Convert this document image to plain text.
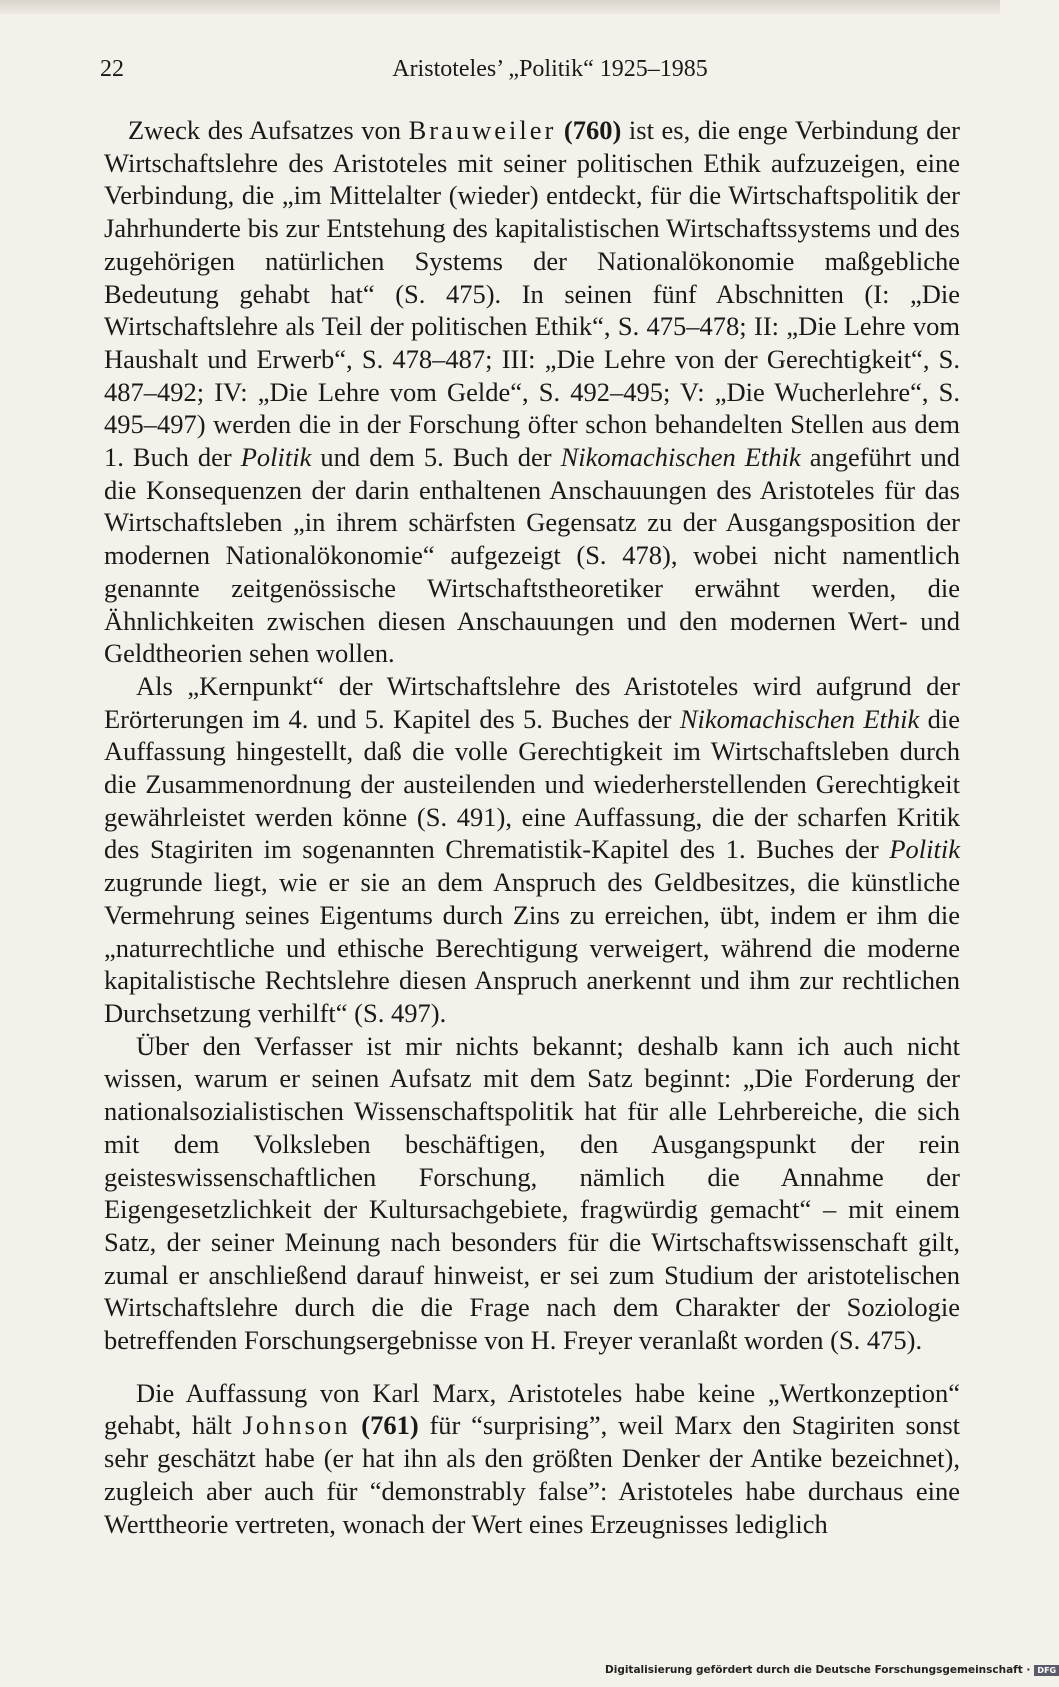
22	Aristoteles’ „Politik“ 1925–1985

Zweck des Aufsatzes von Brauweiler (760) ist es, die enge Verbindung der Wirtschaftslehre des Aristoteles mit seiner politischen Ethik aufzuzeigen, eine Verbindung, die „im Mittelalter (wieder) entdeckt, für die Wirtschaftspolitik der Jahrhunderte bis zur Entstehung des kapitalistischen Wirtschaftssystems und des zugehörigen natürlichen Systems der Nationalökonomie maßgebliche Bedeutung gehabt hat“ (S. 475). In seinen fünf Abschnitten (I: „Die Wirtschaftslehre als Teil der politischen Ethik“, S. 475–478; II: „Die Lehre vom Haushalt und Erwerb“, S. 478–487; III: „Die Lehre von der Gerechtigkeit“, S. 487–492; IV: „Die Lehre vom Gelde“, S. 492–495; V: „Die Wucherlehre“, S. 495–497) werden die in der Forschung öfter schon behandelten Stellen aus dem 1. Buch der Politik und dem 5. Buch der Nikomachischen Ethik angeführt und die Konsequenzen der darin enthaltenen Anschauungen des Aristoteles für das Wirtschaftsleben „in ihrem schärfsten Gegensatz zu der Ausgangsposition der modernen Nationalökonomie“ aufgezeigt (S. 478), wobei nicht namentlich genannte zeitgenössische Wirtschaftstheoretiker erwähnt werden, die Ähnlichkeiten zwischen diesen Anschauungen und den modernen Wert- und Geldtheorien sehen wollen.

Als „Kernpunkt“ der Wirtschaftslehre des Aristoteles wird aufgrund der Erörterungen im 4. und 5. Kapitel des 5. Buches der Nikomachischen Ethik die Auffassung hingestellt, daß die volle Gerechtigkeit im Wirtschaftsleben durch die Zusammenordnung der austeilenden und wiederherstellenden Gerechtigkeit gewährleistet werden könne (S. 491), eine Auffassung, die der scharfen Kritik des Stagiriten im sogenannten Chrematistik-Kapitel des 1. Buches der Politik zugrunde liegt, wie er sie an dem Anspruch des Geldbesitzes, die künstliche Vermehrung seines Eigentums durch Zins zu erreichen, übt, indem er ihm die „naturrechtliche und ethische Berechtigung verweigert, während die moderne kapitalistische Rechtslehre diesen Anspruch anerkennt und ihm zur rechtlichen Durchsetzung verhilft“ (S. 497).

Über den Verfasser ist mir nichts bekannt; deshalb kann ich auch nicht wissen, warum er seinen Aufsatz mit dem Satz beginnt: „Die Forderung der nationalsozialistischen Wissenschaftspolitik hat für alle Lehrbereiche, die sich mit dem Volksleben beschäftigen, den Ausgangspunkt der rein geisteswissenschaftlichen Forschung, nämlich die Annahme der Eigengesetzlichkeit der Kultursachgebiete, fragwürdig gemacht“ – mit einem Satz, der seiner Meinung nach besonders für die Wirtschaftswissenschaft gilt, zumal er anschließend darauf hinweist, er sei zum Studium der aristotelischen Wirtschaftslehre durch die die Frage nach dem Charakter der Soziologie betreffenden Forschungsergebnisse von H. Freyer veranlaßt worden (S. 475).

Die Auffassung von Karl Marx, Aristoteles habe keine „Wertkonzeption“ gehabt, hält Johnson (761) für “surprising”, weil Marx den Stagiriten sonst sehr geschätzt habe (er hat ihn als den größten Denker der Antike bezeichnet), zugleich aber auch für “demonstrably false”: Aristoteles habe durchaus eine Werttheorie vertreten, wonach der Wert eines Erzeugnisses lediglich

Digitalisierung gefördert durch die Deutsche Forschungsgemeinschaft · DFG
